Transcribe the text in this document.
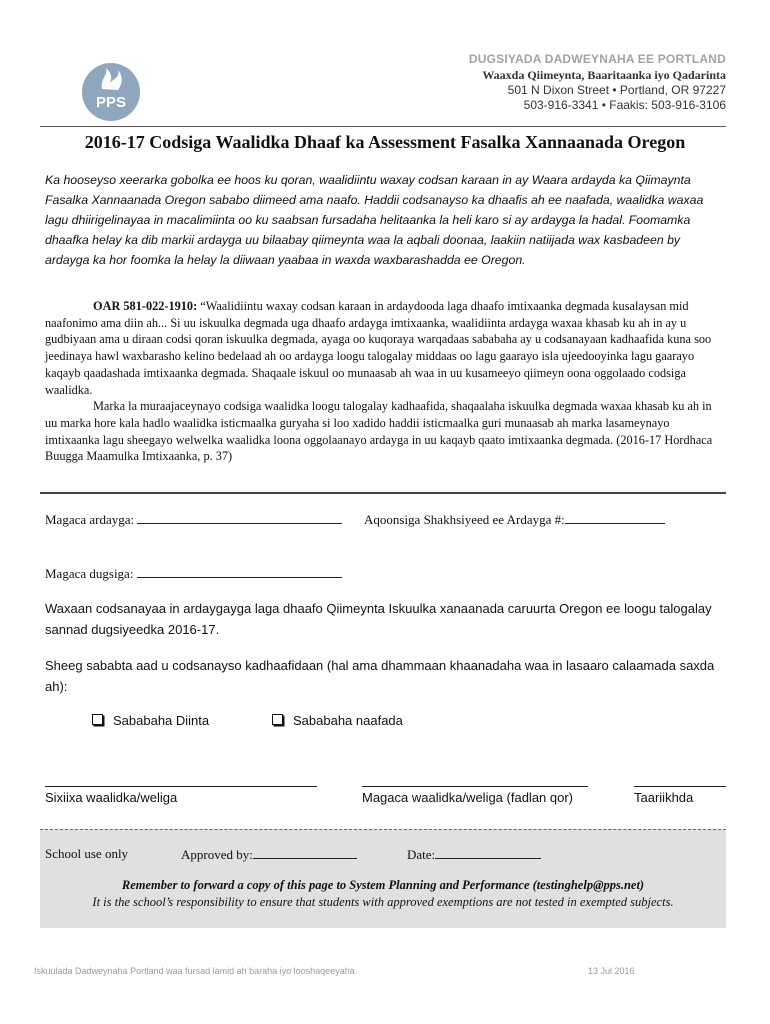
PPS
DUGSIYADA DADWEYNAHA EE PORTLAND
Waaxda Qiimeynta, Baaritaanka iyo Qadarinta
501 N Dixon Street • Portland, OR 97227
503-916-3341 • Faakis: 503-916-3106
2016-17 Codsiga Waalidka Dhaaf ka Assessment Fasalka Xannaanada Oregon
Ka hooseyso xeerarka gobolka ee hoos ku qoran, waalidiintu waxay codsan karaan in ay Waara ardayda ka Qiimaynta Fasalka Xannaanada Oregon sababo diimeed ama naafo. Haddii codsanayso ka dhaafis ah ee naafada, waalidka waxaa lagu dhiirigelinayaa in macalimiinta oo ku saabsan fursadaha helitaanka la heli karo si ay ardayga la hadal. Foomamka dhaafka helay ka dib markii ardayga uu bilaabay qiimeynta waa la aqbali doonaa, laakiin natiijada wax kasbadeen by ardayga ka hor foomka la helay la diiwaan yaabaa in waxda waxbarashadda ee Oregon.

OAR 581-022-1910: “Waalidiintu waxay codsan karaan in ardaydooda laga dhaafo imtixaanka degmada kusalaysan mid naafonimo ama diin ah... Si uu iskuulka degmada uga dhaafo ardayga imtixaanka, waalidiinta ardayga waxaa khasab ku ah in ay u gudbiyaan ama u diraan codsi qoran iskuulka degmada, ayaga oo kuqoraya warqadaas sababaha ay u codsanayaan kadhaafida kuna soo jeedinaya hawl waxbarasho kelino bedelaad ah oo ardayga loogu talogalay middaas oo lagu gaarayo isla ujeedooyinka lagu gaarayo kaqayb qaadashada imtixaanka degmada. Shaqaale iskuul oo munaasab ah waa in uu kusameeyo qiimeyn oona oggolaado codsiga waalidka.

Marka la muraajaceynayo codsiga waalidka loogu talogalay kadhaafida, shaqaalaha iskuulka degmada waxaa khasab ku ah in uu marka hore kala hadlo waalidka isticmaalka guryaha si loo xadido haddii isticmaalka guri munaasab ah marka lasameynayo imtixaanka lagu sheegayo welwelka waalidka loona oggolaanayo ardayga in uu kaqayb qaato imtixaanka degmada. (2016-17 Hordhaca Buugga Maamulka Imtixaanka, p. 37)

Magaca ardayga:	Aqoonsiga Shakhsiyeed ee Ardayga #:
Magaca dugsiga:
Waxaan codsanayaa in ardaygayga laga dhaafo Qiimeynta Iskuulka xanaanada caruurta Oregon ee loogu talogalay sannad dugsiyeedka 2016-17.
Sheeg sababta aad u codsanayso kadhaafidaan (hal ama dhammaan khaanadaha waa in lasaaro calaamada saxda ah):
Sababaha Diinta	Sababaha naafada
Sixiixa waalidka/weliga	Magaca waalidka/weliga (fadlan qor)	Taariikhda
School use only	Approved by:	Date:
Remember to forward a copy of this page to System Planning and Performance (testinghelp@pps.net)
It is the school’s responsibility to ensure that students with approved exemptions are not tested in exempted subjects.
Iskuulada Dadweynaha Portland waa fursad lamid ah baraha iyo looshaqeeyaha.	13 Jul 2016
